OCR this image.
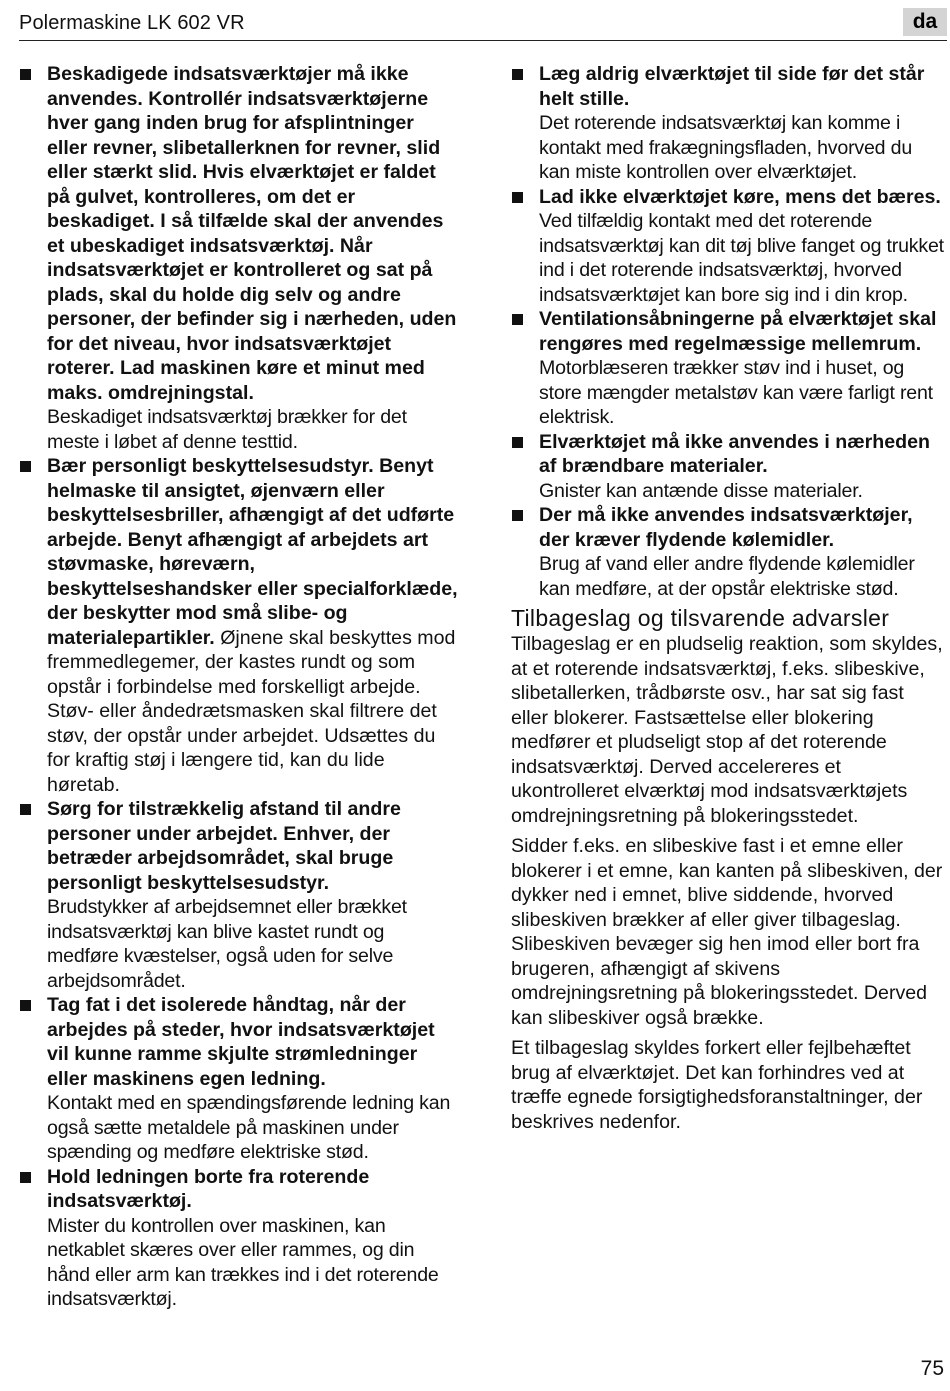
Polermaskine LK 602 VR	da
Beskadigede indsatsværktøjer må ikke anvendes. Kontrollér indsatsværktøjerne hver gang inden brug for afsplintninger eller revner, slibetallerknen for revner, slid eller stærkt slid. Hvis elværktøjet er faldet på gulvet, kontrolleres, om det er beskadiget. I så tilfælde skal der anvendes et ubeskadiget indsatsværktøj. Når indsatsværktøjet er kontrolleret og sat på plads, skal du holde dig selv og andre personer, der befinder sig i nærheden, uden for det niveau, hvor indsatsværktøjet roterer. Lad maskinen køre et minut med maks. omdrejningstal.
Beskadiget indsatsværktøj brækker for det meste i løbet af denne testtid.
Bær personligt beskyttelsesudstyr. Benyt helmaske til ansigtet, øjenværn eller beskyttelsesbriller, afhængigt af det udførte arbejde. Benyt afhængigt af arbejdets art støvmaske, høreværn, beskyttelseshandsker eller specialforklæde, der beskytter mod små slibe- og materialepartikler. Øjnene skal beskyttes mod fremmedlegemer, der kastes rundt og som opstår i forbindelse med forskelligt arbejde. Støv- eller åndedrætsmasken skal filtrere det støv, der opstår under arbejdet. Udsættes du for kraftig støj i længere tid, kan du lide høretab.
Sørg for tilstrækkelig afstand til andre personer under arbejdet. Enhver, der betræder arbejdsområdet, skal bruge personligt beskyttelsesudstyr.
Brudstykker af arbejdsemnet eller brækket indsatsværktøj kan blive kastet rundt og medføre kvæstelser, også uden for selve arbejdsområdet.
Tag fat i det isolerede håndtag, når der arbejdes på steder, hvor indsatsværktøjet vil kunne ramme skjulte strømledninger eller maskinens egen ledning.
Kontakt med en spændingsførende ledning kan også sætte metaldele på maskinen under spænding og medføre elektriske stød.
Hold ledningen borte fra roterende indsatsværktøj.
Mister du kontrollen over maskinen, kan netkablet skæres over eller rammes, og din hånd eller arm kan trækkes ind i det roterende indsatsværktøj.
Læg aldrig elværktøjet til side før det står helt stille.
Det roterende indsatsværktøj kan komme i kontakt med frakægningsfladen, hvorved du kan miste kontrollen over elværktøjet.
Lad ikke elværktøjet køre, mens det bæres.
Ved tilfældig kontakt med det roterende indsatsværktøj kan dit tøj blive fanget og trukket ind i det roterende indsatsværktøj, hvorved indsatsværktøjet kan bore sig ind i din krop.
Ventilationsåbningerne på elværktøjet skal rengøres med regelmæssige mellemrum.
Motorblæseren trækker støv ind i huset, og store mængder metalstøv kan være farligt rent elektrisk.
Elværktøjet må ikke anvendes i nærheden af brændbare materialer.
Gnister kan antænde disse materialer.
Der må ikke anvendes indsatsværktøjer, der kræver flydende kølemidler.
Brug af vand eller andre flydende kølemidler kan medføre, at der opstår elektriske stød.
Tilbageslag og tilsvarende advarsler

Tilbageslag er en pludselig reaktion, som skyldes, at et roterende indsatsværktøj, f.eks. slibeskive, slibetallerken, trådbørste osv., har sat sig fast eller blokerer. Fastsættelse eller blokering medfører et pludseligt stop af det roterende indsatsværktøj. Derved accelereres et ukontrolleret elværktøj mod indsatsværktøjets omdrejningsretning på blokeringsstedet.

Sidder f.eks. en slibeskive fast i et emne eller blokerer i et emne, kan kanten på slibeskiven, der dykker ned i emnet, blive siddende, hvorved slibeskiven brækker af eller giver tilbageslag. Slibeskiven bevæger sig hen imod eller bort fra brugeren, afhængigt af skivens omdrejningsretning på blokeringsstedet. Derved kan slibeskiver også brække.

Et tilbageslag skyldes forkert eller fejlbehæftet brug af elværktøjet. Det kan forhindres ved at træffe egnede forsigtighedsforanstaltninger, der beskrives nedenfor.

75
